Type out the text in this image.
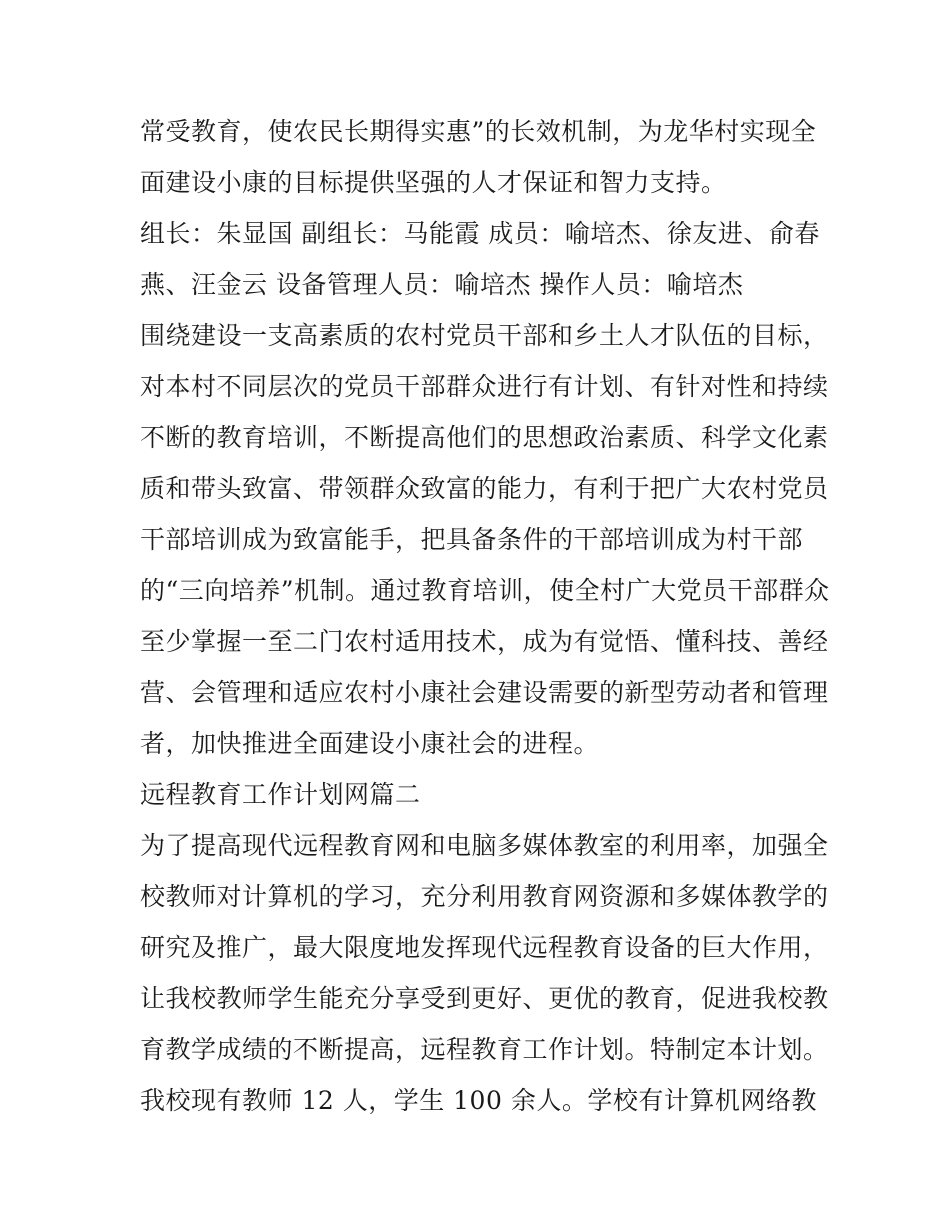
常受教育，使农民长期得实惠”的长效机制，为龙华村实现全
面建设小康的目标提供坚强的人才保证和智力支持。
组长：朱显国 副组长：马能霞 成员：喻培杰、徐友进、俞春
燕、汪金云 设备管理人员：喻培杰 操作人员：喻培杰
围绕建设一支高素质的农村党员干部和乡土人才队伍的目标，
对本村不同层次的党员干部群众进行有计划、有针对性和持续
不断的教育培训，不断提高他们的思想政治素质、科学文化素
质和带头致富、带领群众致富的能力，有利于把广大农村党员
干部培训成为致富能手，把具备条件的干部培训成为村干部
的“三向培养”机制。通过教育培训，使全村广大党员干部群众
至少掌握一至二门农村适用技术，成为有觉悟、懂科技、善经
营、会管理和适应农村小康社会建设需要的新型劳动者和管理
者，加快推进全面建设小康社会的进程。
远程教育工作计划网篇二
为了提高现代远程教育网和电脑多媒体教室的利用率，加强全
校教师对计算机的学习，充分利用教育网资源和多媒体教学的
研究及推广，最大限度地发挥现代远程教育设备的巨大作用，
让我校教师学生能充分享受到更好、更优的教育，促进我校教
育教学成绩的不断提高，远程教育工作计划。特制定本计划。
我校现有教师 12 人，学生 100 余人。学校有计算机网络教
